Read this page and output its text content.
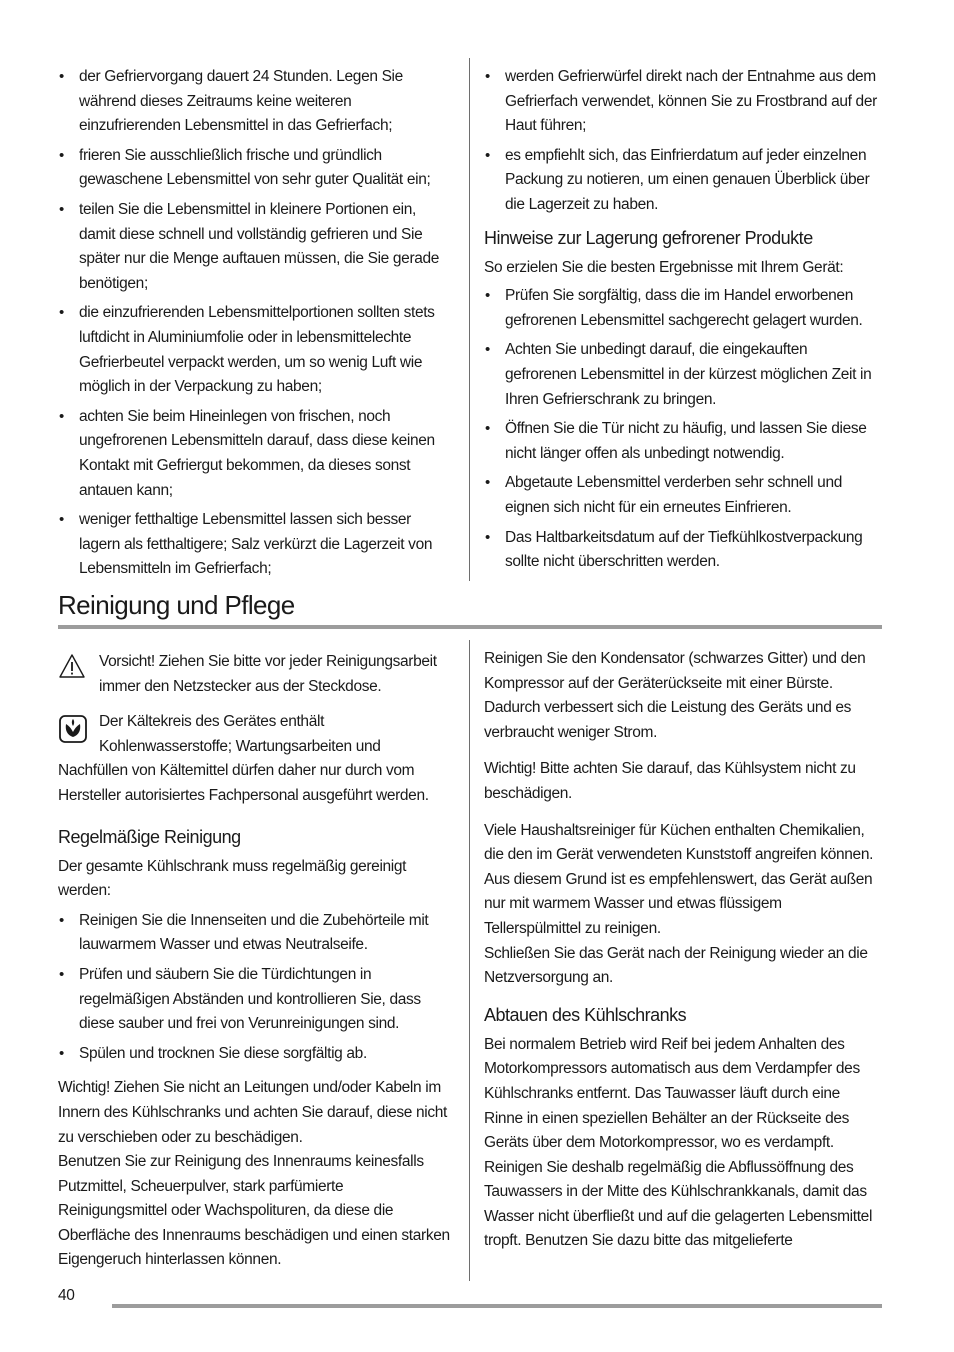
• der Gefriervorgang dauert 24 Stunden. Legen Sie während dieses Zeitraums keine weiteren einzufrierenden Lebensmittel in das Gefrierfach;
• frieren Sie ausschließlich frische und gründlich gewaschene Lebensmittel von sehr guter Qualität ein;
• teilen Sie die Lebensmittel in kleinere Portionen ein, damit diese schnell und vollständig gefrieren und Sie später nur die Menge auftauen müssen, die Sie gerade benötigen;
• die einzufrierenden Lebensmittelportionen sollten stets luftdicht in Aluminiumfolie oder in lebensmittelechte Gefrierbeutel verpackt werden, um so wenig Luft wie möglich in der Verpackung zu haben;
• achten Sie beim Hineinlegen von frischen, noch ungefrorenen Lebensmitteln darauf, dass diese keinen Kontakt mit Gefriergut bekommen, da dieses sonst antauen kann;
• weniger fetthaltige Lebensmittel lassen sich besser lagern als fetthaltigere; Salz verkürzt die Lagerzeit von Lebensmitteln im Gefrierfach;
• werden Gefrierwürfel direkt nach der Entnahme aus dem Gefrierfach verwendet, können Sie zu Frostbrand auf der Haut führen;
• es empfiehlt sich, das Einfrierdatum auf jeder einzelnen Packung zu notieren, um einen genauen Überblick über die Lagerzeit zu haben.
Hinweise zur Lagerung gefrorener Produkte

So erzielen Sie die besten Ergebnisse mit Ihrem Gerät:

• Prüfen Sie sorgfältig, dass die im Handel erworbenen gefrorenen Lebensmittel sachgerecht gelagert wurden.
• Achten Sie unbedingt darauf, die eingekauften gefrorenen Lebensmittel in der kürzest möglichen Zeit in Ihren Gefrierschrank zu bringen.
• Öffnen Sie die Tür nicht zu häufig, und lassen Sie diese nicht länger offen als unbedingt notwendig.
• Abgetaute Lebensmittel verderben sehr schnell und eignen sich nicht für ein erneutes Einfrieren.
• Das Haltbarkeitsdatum auf der Tiefkühlkostverpackung sollte nicht überschritten werden.
Reinigung und Pflege
Vorsicht! Ziehen Sie bitte vor jeder Reinigungsarbeit immer den Netzstecker aus der Steckdose.
Der Kältekreis des Gerätes enthält Kohlenwasserstoffe; Wartungsarbeiten und Nachfüllen von Kältemittel dürfen daher nur durch vom Hersteller autorisiertes Fachpersonal ausgeführt werden.
Regelmäßige Reinigung

Der gesamte Kühlschrank muss regelmäßig gereinigt werden:

• Reinigen Sie die Innenseiten und die Zubehörteile mit lauwarmem Wasser und etwas Neutralseife.
• Prüfen und säubern Sie die Türdichtungen in regelmäßigen Abständen und kontrollieren Sie, dass diese sauber und frei von Verunreinigungen sind.
• Spülen und trocknen Sie diese sorgfältig ab.

Wichtig! Ziehen Sie nicht an Leitungen und/oder Kabeln im Innern des Kühlschranks und achten Sie darauf, diese nicht zu verschieben oder zu beschädigen.

Benutzen Sie zur Reinigung des Innenraums keinesfalls Putzmittel, Scheuerpulver, stark parfümierte Reinigungsmittel oder Wachspolituren, da diese die Oberfläche des Innenraums beschädigen und einen starken Eigengeruch hinterlassen können.

Reinigen Sie den Kondensator (schwarzes Gitter) und den Kompressor auf der Geräterückseite mit einer Bürste. Dadurch verbessert sich die Leistung des Geräts und es verbraucht weniger Strom.

Wichtig! Bitte achten Sie darauf, das Kühlsystem nicht zu beschädigen.

Viele Haushaltsreiniger für Küchen enthalten Chemikalien, die den im Gerät verwendeten Kunststoff angreifen können. Aus diesem Grund ist es empfehlenswert, das Gerät außen nur mit warmem Wasser und etwas flüssigem Tellerspülmittel zu reinigen.

Schließen Sie das Gerät nach der Reinigung wieder an die Netzversorgung an.

Abtauen des Kühlschranks

Bei normalem Betrieb wird Reif bei jedem Anhalten des Motorkompressors automatisch aus dem Verdampfer des Kühlschranks entfernt. Das Tauwasser läuft durch eine Rinne in einen speziellen Behälter an der Rückseite des Geräts über dem Motorkompressor, wo es verdampft. Reinigen Sie deshalb regelmäßig die Abflussöffnung des Tauwassers in der Mitte des Kühlschrankkanals, damit das Wasser nicht überfließt und auf die gelagerten Lebensmittel tropft. Benutzen Sie dazu bitte das mitgelieferte

40
